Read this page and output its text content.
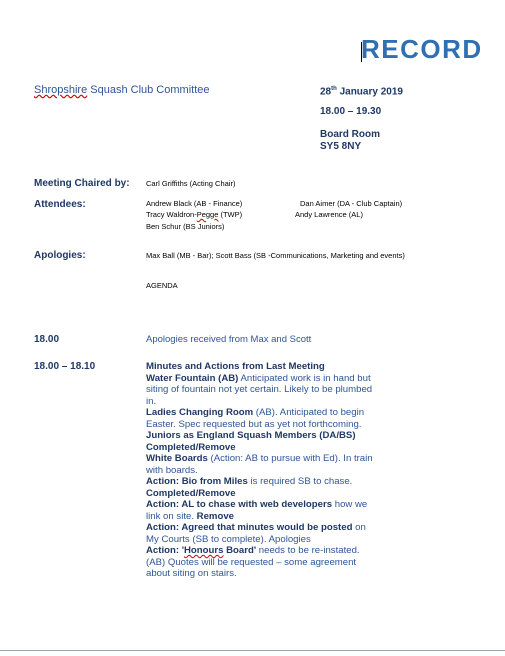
RECORD
Shropshire Squash Club Committee	28th January 2019
18.00 – 19.30
Board Room
SY5 8NY
Meeting Chaired by: Carl Griffiths (Acting Chair)
Attendees:	Andrew Black (AB - Finance)	Dan Aimer (DA - Club Captain)
Tracy Waldron-Pegge (TWP)	Andy Lawrence (AL)
Ben Schur (BS Juniors)
Apologies:	Max Ball (MB - Bar); Scott Bass (SB -Communications, Marketing and events)
AGENDA
18.00	Apologies received from Max and Scott
18.00 – 18.10	Minutes and Actions from Last Meeting

Water Fountain (AB) Anticipated work is in hand but siting of fountain not yet certain. Likely to be plumbed in.

Ladies Changing Room (AB). Anticipated to begin Easter. Spec requested but as yet not forthcoming.

Juniors as England Squash Members (DA/BS)

Completed/Remove

White Boards (Action: AB to pursue with Ed). In train with boards.

Action: Bio from Miles is required SB to chase.

Completed/Remove

Action: AL to chase with web developers how we link on site. Remove

Action: Agreed that minutes would be posted on My Courts (SB to complete). Apologies

Action: 'Honours Board' needs to be re-instated. (AB) Quotes will be requested – some agreement about siting on stairs.
